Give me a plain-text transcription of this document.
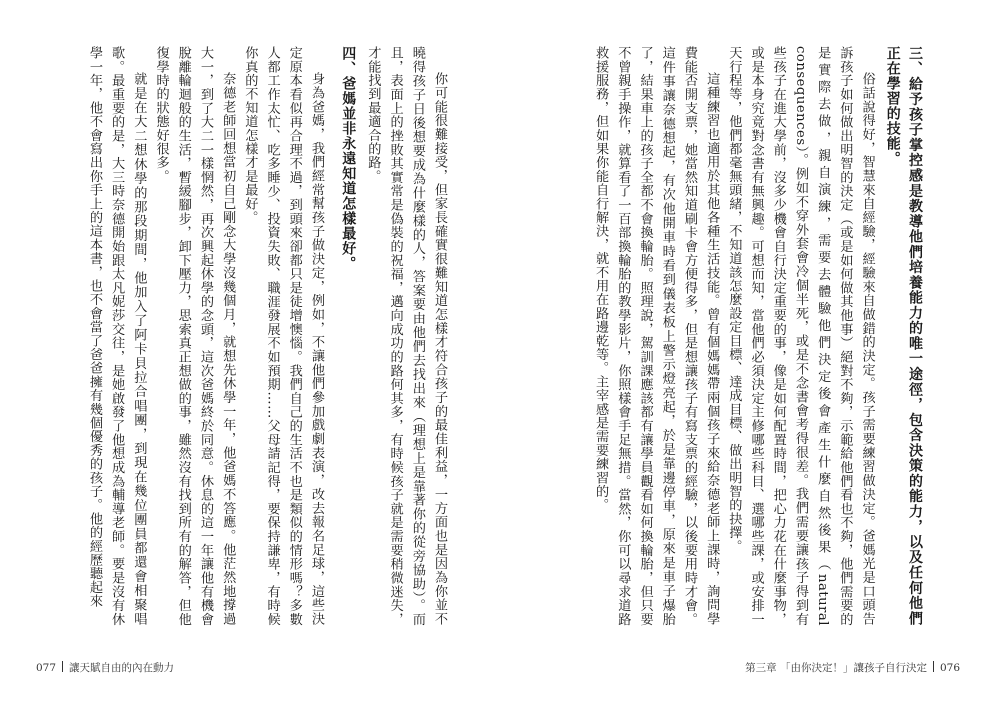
你可能很難接受，但家長確實很難知道怎樣才符合孩子的最佳利益，一方面也是因為你並不曉得孩子日後想要成為什麼樣的人，答案要由他們去找出來（理想上是靠著你的從旁協助）。而且，表面上的挫敗其實常是偽裝的祝福，邁向成功的路何其多，有時候孩子就是需要稍微迷失，才能找到最適合的路。

四、爸媽並非永遠知道怎樣最好。

身為爸媽，我們經常幫孩子做決定，例如，不讓他們參加戲劇表演，改去報名足球，這些決定原本看似再合理不過，到頭來卻都只是徒增懊惱。我們自己的生活不也是類似的情形嗎？多數人都工作太忙、吃多睡少、投資失敗、職涯發展不如預期……父母請記得，要保持謙卑，有時候你真的不知道怎樣才是最好。

奈德老師回想當初自己剛念大學沒幾個月，就想先休學一年，他爸媽不答應。他茫然地撐過大一，到了大二一樣惘然，再次興起休學的念頭，這次爸媽終於同意。休息的這一年讓他有機會脫離輪迴般的生活，暫緩腳步，卸下壓力，思索真正想做的事，雖然沒有找到所有的解答，但他復學時的狀態好很多。

就是在大二想休學的那段期間，他加入了阿卡貝拉合唱團，到現在幾位團員都還會相聚唱歌。最重要的是，大三時奈德開始跟太凡妮莎交往，是她啟發了他想成為輔導老師。要是沒有休學一年，他不會寫出你手上的這本書，也不會當了爸爸擁有幾個優秀的孩子。他的經歷聽起來

077 讓天賦自由的內在動力

三、給予孩子掌控感是教導他們培養能力的唯一途徑，包含決策的能力，以及任何他們正在學習的技能。

俗話說得好，智慧來自經驗，經驗來自做錯的決定。孩子需要練習做決定。爸媽光是口頭告訴孩子如何做出明智的決定（或是如何做其他事）絕對不夠，示範給他們看也不夠，他們需要的是實際去做，親自演練，需要去體驗他們決定後會產生什麼自然後果（natural consequences）。例如不穿外套會冷個半死，或是不念書會考得很差。我們需要讓孩子得到有些孩子在進大學前，沒多少機會自行決定重要的事，像是如何配置時間，把心力花在什麼事物，或是本身究竟對念書有無興趣。可想而知，當他們必須決定主修哪些科目、選哪些課，或安排一天行程等，他們都毫無頭緒，不知道該怎麼設定目標、達成目標、做出明智的抉擇。

這種練習也適用於其他各種生活技能。曾有個媽媽帶兩個孩子來給奈德老師上課時，詢問學費能否開支票，她當然知道刷卡會方便得多，但是想讓孩子有寫支票的經驗，以後要用時才會。這件事讓奈德想起，有次他開車時看到儀表板上警示燈亮起，於是靠邊停車，原來是車子爆胎了，結果車上的孩子全都不會換輪胎。照理說，駕訓課應該都有讓學員觀看如何換輪胎，但只要不曾親手操作，就算看了一百部換輪胎的教學影片，你照樣會手足無措。當然，你可以尋求道路救援服務，但如果你能自行解決，就不用在路邊乾等。主宰感是需要練習的。

第三章 「由你決定！」讓孩子自行決定 076
